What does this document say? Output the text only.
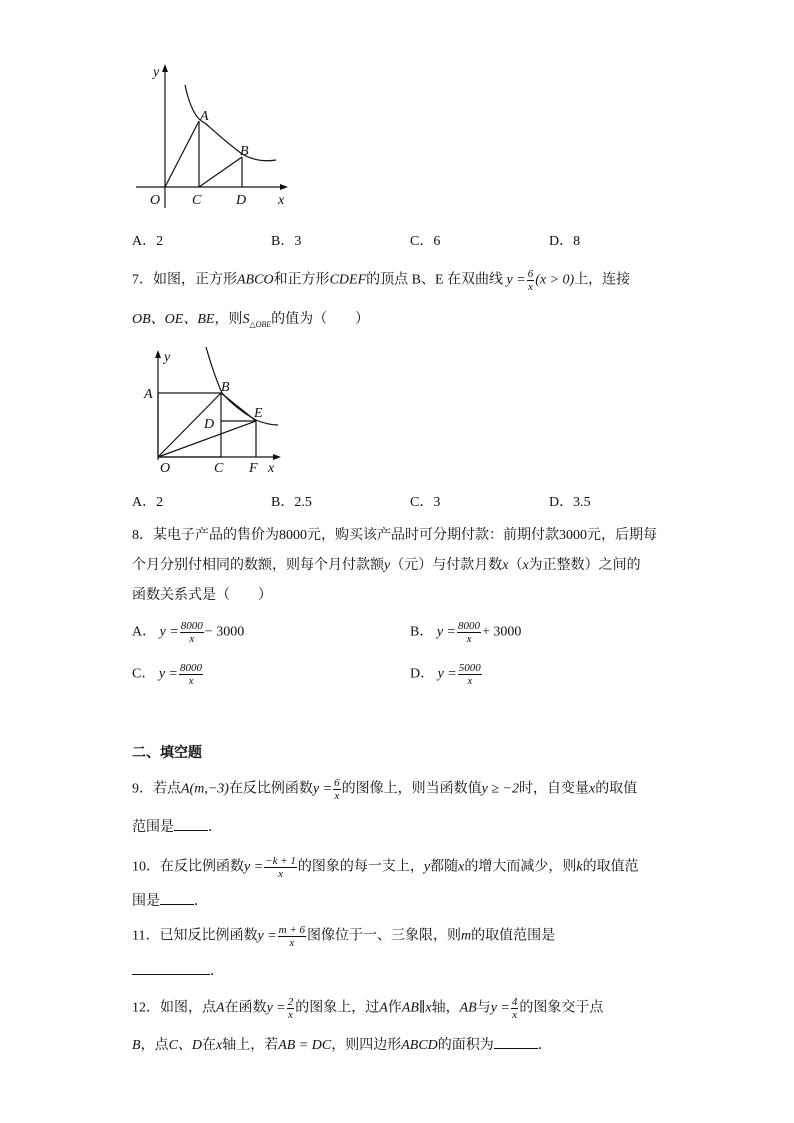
y
A
B
O C D x
A．2	B．3	C．6	D．8
7．如图，正方形ABCO和正方形CDEF的顶点 B、E 在双曲线 $y = \frac{6}{x} (x > 0)$上，连接
OB、OE、BE，则$S_{\triangle OBE}$的值为（　　）
y
A	B
D
E
O	C F x
A．2	B．2.5	C．3	D．3.5
8．某电子产品的售价为8000元，购买该产品时可分期付款：前期付款3000元，后期每
个月分别付相同的数额，则每个月付款额y（元）与付款月数x（x为正整数）之间的
函数关系式是（　　）
A． $y = \frac{8000}{x} - 3000$	B． $y = \frac{8000}{x} + 3000$
C． $y = \frac{8000}{x}$	D． $y = \frac{5000}{x}$
二、填空题
9．若点A(m,−3)在反比例函数$y = \frac{6}{x}$ 的图像上，则当函数值y ≥ −2时，自变量x的取值
范围是 ．
10．在反比例函数$y = \frac{-k + 1}{x}$ 的图象的每一支上，y都随x的增大而减少，则k的取值范
围是 ．
11．已知反比例函数$y = \frac{m + 6}{x}$ 图像位于一、三象限，则m的取值范围是
．
12．如图，点A在函数$y = \frac{2}{x}$ 的图象上，过A作AB∥x轴，AB与$y = \frac{4}{x}$ 的图象交于点
B，点C、D在x轴上，若AB = DC，则四边形ABCD的面积为	．
